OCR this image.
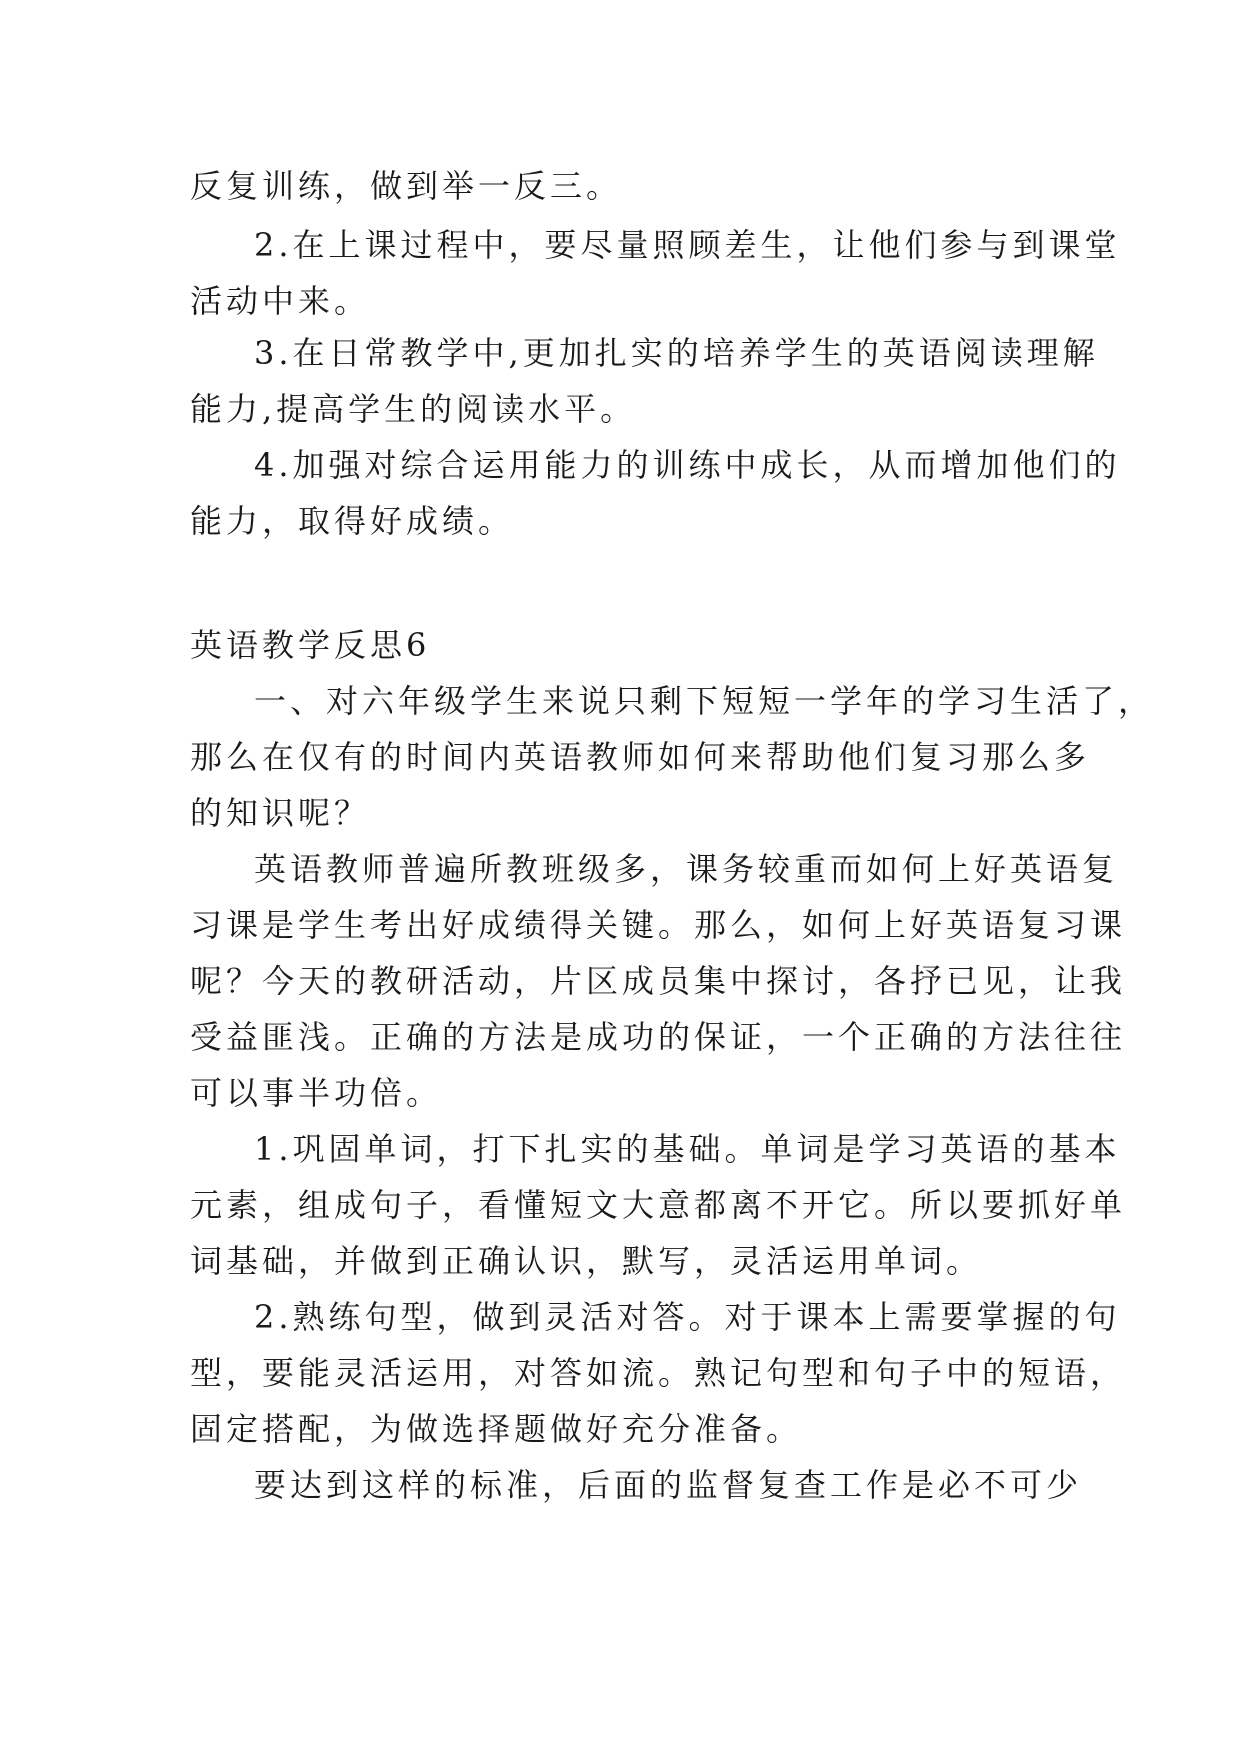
反复训练，做到举一反三。
2.在上课过程中，要尽量照顾差生，让他们参与到课堂
活动中来。
3.在日常教学中,更加扎实的培养学生的英语阅读理解
能力,提高学生的阅读水平。
4.加强对综合运用能力的训练中成长，从而增加他们的
能力，取得好成绩。
英语教学反思6
一、对六年级学生来说只剩下短短一学年的学习生活了，
那么在仅有的时间内英语教师如何来帮助他们复习那么多
的知识呢？
英语教师普遍所教班级多，课务较重而如何上好英语复
习课是学生考出好成绩得关键。那么，如何上好英语复习课
呢？今天的教研活动，片区成员集中探讨，各抒已见，让我
受益匪浅。正确的方法是成功的保证，一个正确的方法往往
可以事半功倍。
1.巩固单词，打下扎实的基础。单词是学习英语的基本
元素，组成句子，看懂短文大意都离不开它。所以要抓好单
词基础，并做到正确认识，默写，灵活运用单词。
2.熟练句型，做到灵活对答。对于课本上需要掌握的句
型，要能灵活运用，对答如流。熟记句型和句子中的短语，
固定搭配，为做选择题做好充分准备。
要达到这样的标准，后面的监督复查工作是必不可少
